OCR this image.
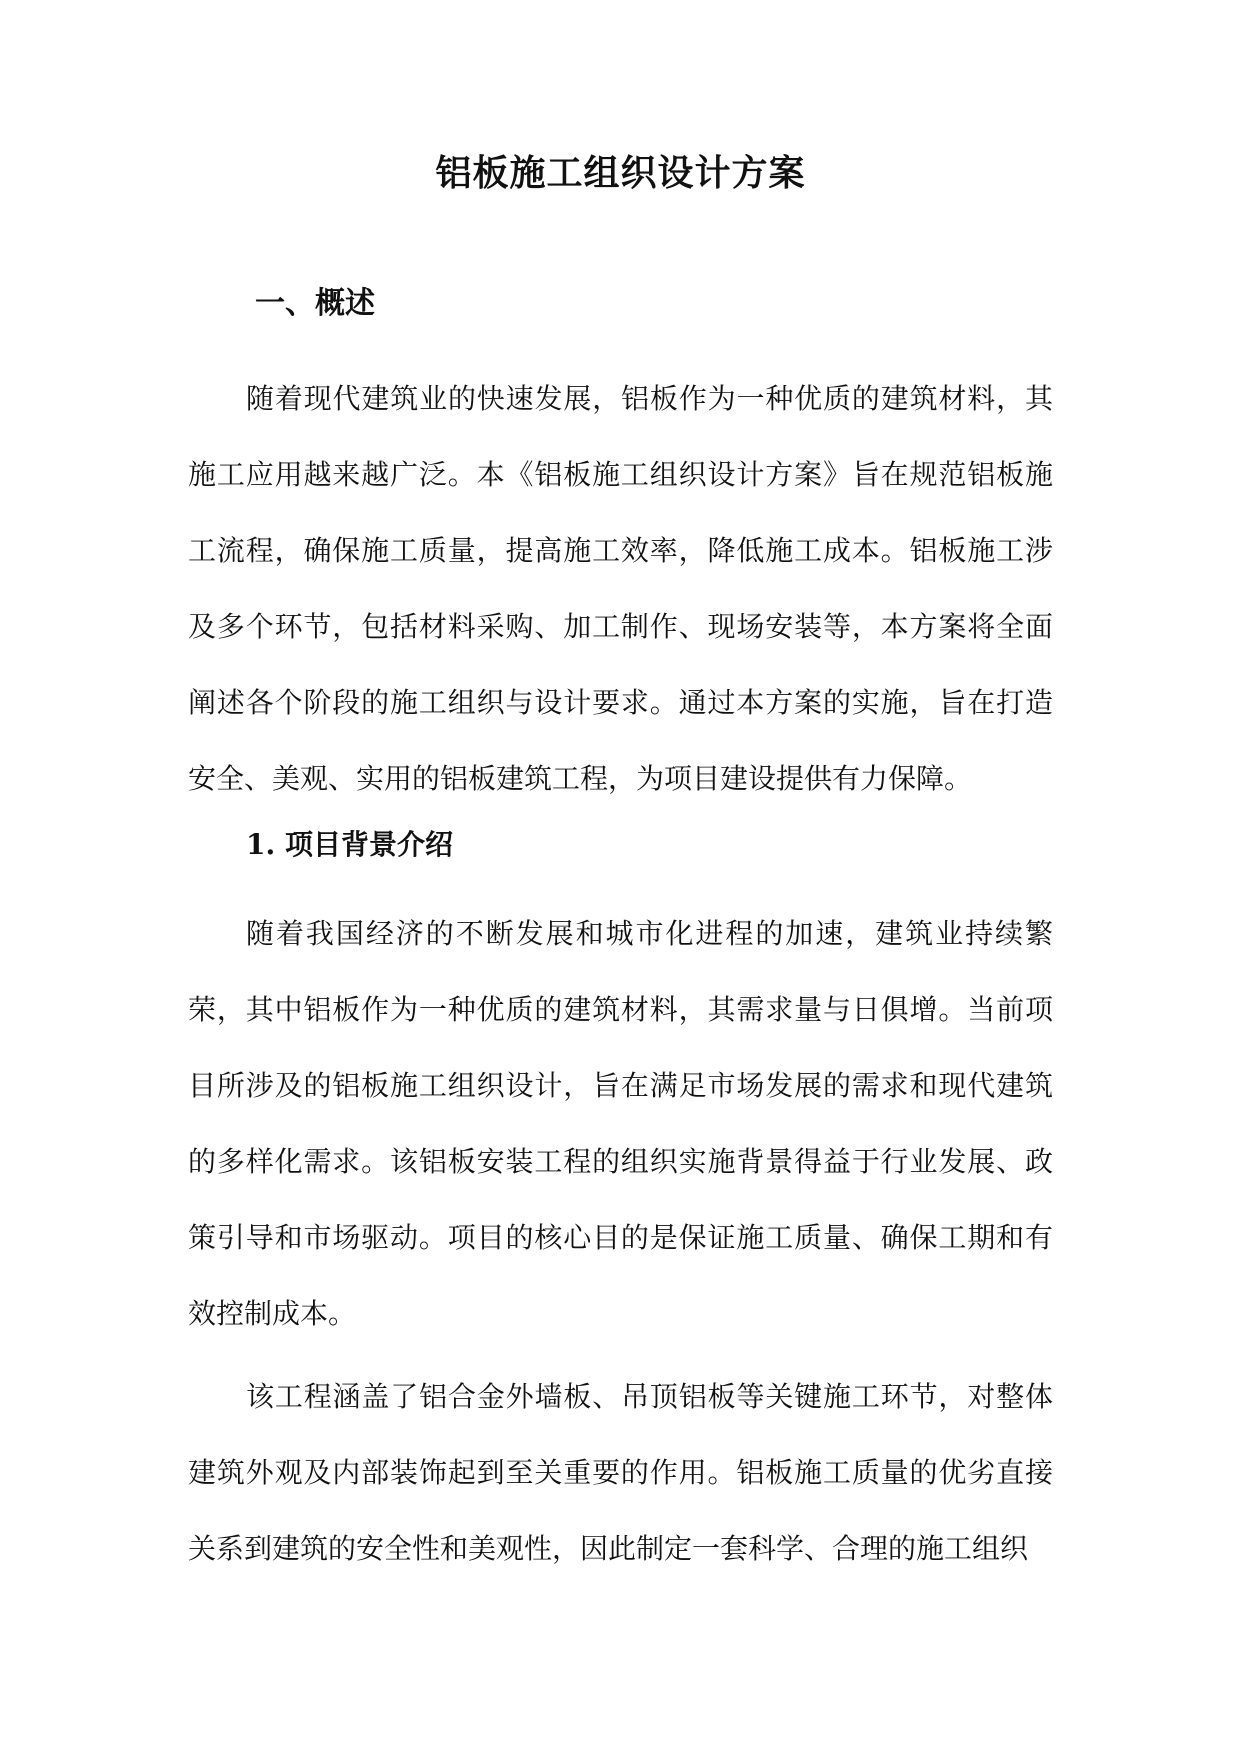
铝板施工组织设计方案
一、概述

随着现代建筑业的快速发展，铝板作为一种优质的建筑材料，其施工应用越来越广泛。本《铝板施工组织设计方案》旨在规范铝板施工流程，确保施工质量，提高施工效率，降低施工成本。铝板施工涉及多个环节，包括材料采购、加工制作、现场安装等，本方案将全面阐述各个阶段的施工组织与设计要求。通过本方案的实施，旨在打造安全、美观、实用的铝板建筑工程，为项目建设提供有力保障。

1. 项目背景介绍

随着我国经济的不断发展和城市化进程的加速，建筑业持续繁荣，其中铝板作为一种优质的建筑材料，其需求量与日俱增。当前项目所涉及的铝板施工组织设计，旨在满足市场发展的需求和现代建筑的多样化需求。该铝板安装工程的组织实施背景得益于行业发展、政策引导和市场驱动。项目的核心目的是保证施工质量、确保工期和有效控制成本。

该工程涵盖了铝合金外墙板、吊顶铝板等关键施工环节，对整体建筑外观及内部装饰起到至关重要的作用。铝板施工质量的优劣直接关系到建筑的安全性和美观性，因此制定一套科学、合理的施工组织
